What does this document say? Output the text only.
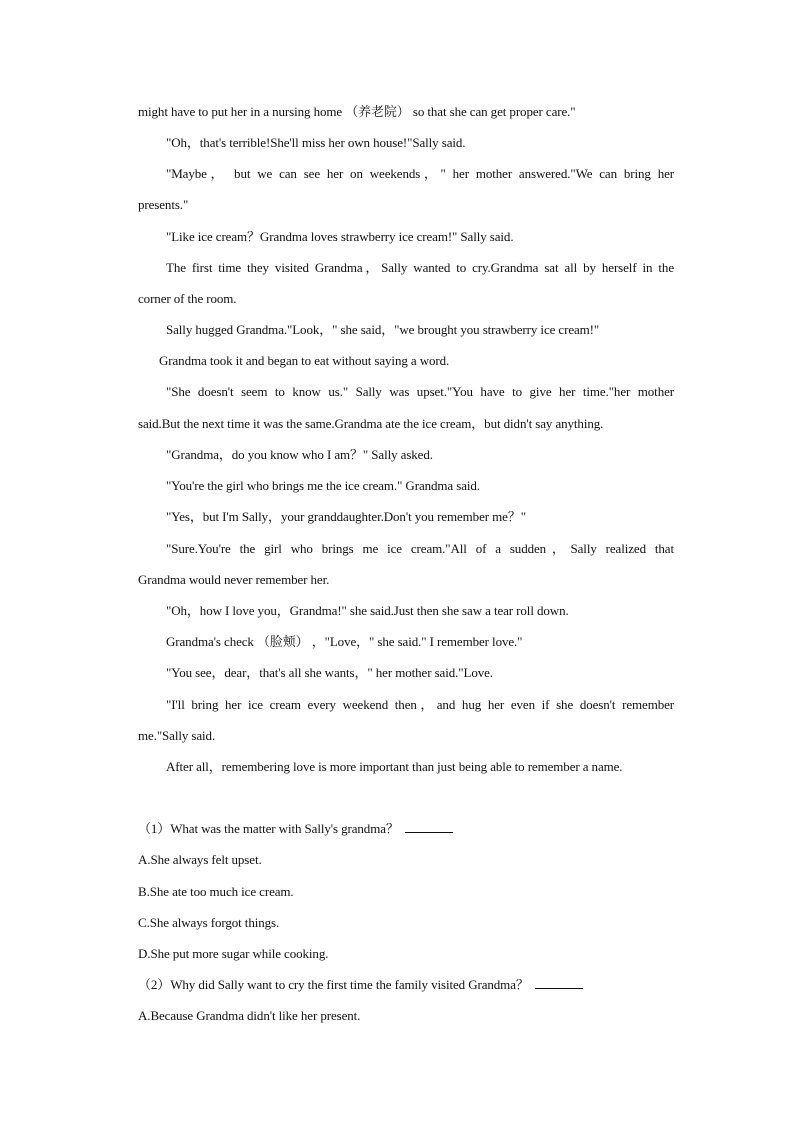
might have to put her in a nursing home （养老院） so that she can get proper care."
"Oh，that's terrible!She'll miss her own house!"Sally said.
"Maybe， but we can see her on weekends，" her mother answered."We can bring her
presents."
"Like ice cream？Grandma loves strawberry ice cream!" Sally said.
The first time they visited Grandma，Sally wanted to cry.Grandma sat all by herself in the
corner of the room.
Sally hugged Grandma."Look，" she said，"we brought you strawberry ice cream!"
Grandma took it and began to eat without saying a word.
"She doesn't seem to know us." Sally was upset."You have to give her time."her mother
said.But the next time it was the same.Grandma ate the ice cream，but didn't say anything.
"Grandma，do you know who I am？" Sally asked.
"You're the girl who brings me the ice cream." Grandma said.
"Yes，but I'm Sally，your granddaughter.Don't you remember me？"
"Sure.You're the girl who brings me ice cream."All of a sudden，Sally realized that
Grandma would never remember her.
"Oh，how I love you，Grandma!" she said.Just then she saw a tear roll down.
Grandma's check （脸颊） ，"Love，" she said." I remember love."
"You see，dear，that's all she wants，" her mother said."Love.
"I'll bring her ice cream every weekend then，and hug her even if she doesn't remember
me."Sally said.
After all，remembering love is more important than just being able to remember a name.
（1）What was the matter with Sally's grandma？
A.She always felt upset.
B.She ate too much ice cream.
C.She always forgot things.
D.She put more sugar while cooking.
（2）Why did Sally want to cry the first time the family visited Grandma？
A.Because Grandma didn't like her present.
